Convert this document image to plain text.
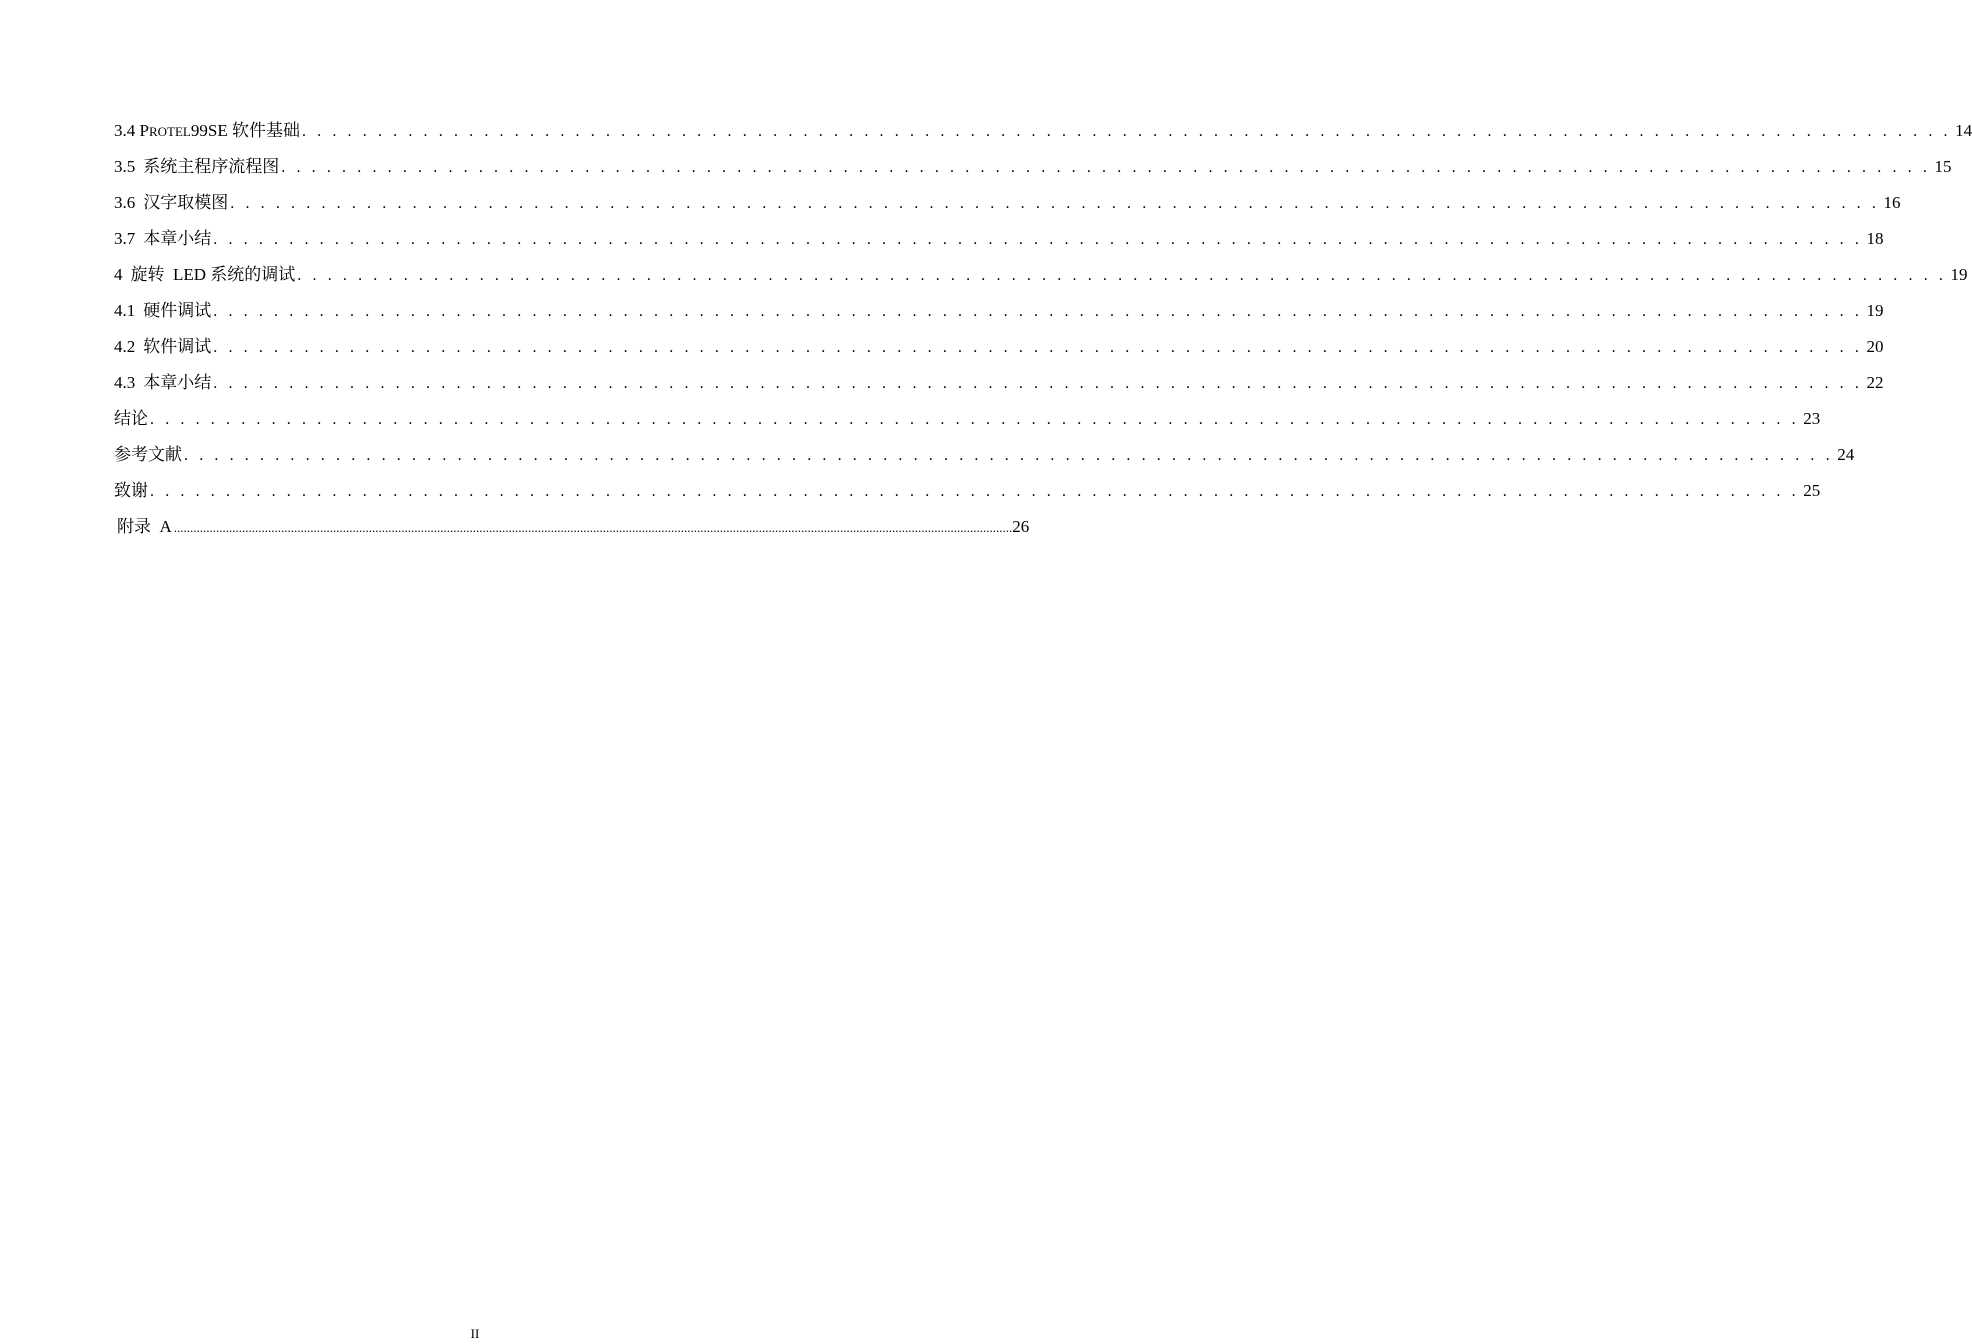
3.4 PROTEL99SE 软件基础 . . . . . . . . . . . . . . . . . . . . . . . . . . . . . . . . . . . . . . . . . . . . . . . . . . . . . . . . . . . . . . . . . . . . . . . . . . . . . . . . . . . . . . . . . . . . . . . . . . . . . . . . . . . . . 14
3.5 系统主程序流程图 . . . . . . . . . . . . . . . . . . . . . . . . . . . . . . . . . . . . . . . . . . . . . . . . . . . . . . . . . . . . . . . . . . . . . . . . . . . . . . . . . . . . . . . . . . . . . . . . . . . . . . . . . . . . . 15
3.6 汉字取模图 . . . . . . . . . . . . . . . . . . . . . . . . . . . . . . . . . . . . . . . . . . . . . . . . . . . . . . . . . . . . . . . . . . . . . . . . . . . . . . . . . . . . . . . . . . . . . . . . . . . . . . . . . . . . . 16
3.7 本章小结 . . . . . . . . . . . . . . . . . . . . . . . . . . . . . . . . . . . . . . . . . . . . . . . . . . . . . . . . . . . . . . . . . . . . . . . . . . . . . . . . . . . . . . . . . . . . . . . . . . . . . . . . . . . . . 18
4 旋转  LED 系统的调试 . . . . . . . . . . . . . . . . . . . . . . . . . . . . . . . . . . . . . . . . . . . . . . . . . . . . . . . . . . . . . . . . . . . . . . . . . . . . . . . . . . . . . . . . . . . . . . . . . . . . . . . . . . . . . 19
4.1 硬件调试 . . . . . . . . . . . . . . . . . . . . . . . . . . . . . . . . . . . . . . . . . . . . . . . . . . . . . . . . . . . . . . . . . . . . . . . . . . . . . . . . . . . . . . . . . . . . . . . . . . . . . . . . . . . . . 19
4.2 软件调试 . . . . . . . . . . . . . . . . . . . . . . . . . . . . . . . . . . . . . . . . . . . . . . . . . . . . . . . . . . . . . . . . . . . . . . . . . . . . . . . . . . . . . . . . . . . . . . . . . . . . . . . . . . . . . 20
4.3 本章小结 . . . . . . . . . . . . . . . . . . . . . . . . . . . . . . . . . . . . . . . . . . . . . . . . . . . . . . . . . . . . . . . . . . . . . . . . . . . . . . . . . . . . . . . . . . . . . . . . . . . . . . . . . . . . . 22
结论 . . . . . . . . . . . . . . . . . . . . . . . . . . . . . . . . . . . . . . . . . . . . . . . . . . . . . . . . . . . . . . . . . . . . . . . . . . . . . . . . . . . . . . . . . . . . . . . . . . . . . . . . . . . . . 23
参考文献 . . . . . . . . . . . . . . . . . . . . . . . . . . . . . . . . . . . . . . . . . . . . . . . . . . . . . . . . . . . . . . . . . . . . . . . . . . . . . . . . . . . . . . . . . . . . . . . . . . . . . . . . . . . . . 24
致谢 . . . . . . . . . . . . . . . . . . . . . . . . . . . . . . . . . . . . . . . . . . . . . . . . . . . . . . . . . . . . . . . . . . . . . . . . . . . . . . . . . . . . . . . . . . . . . . . . . . . . . . . . . . . . . 25
附录  A .................................................................................................................................................................................................................................................................. 26
II
